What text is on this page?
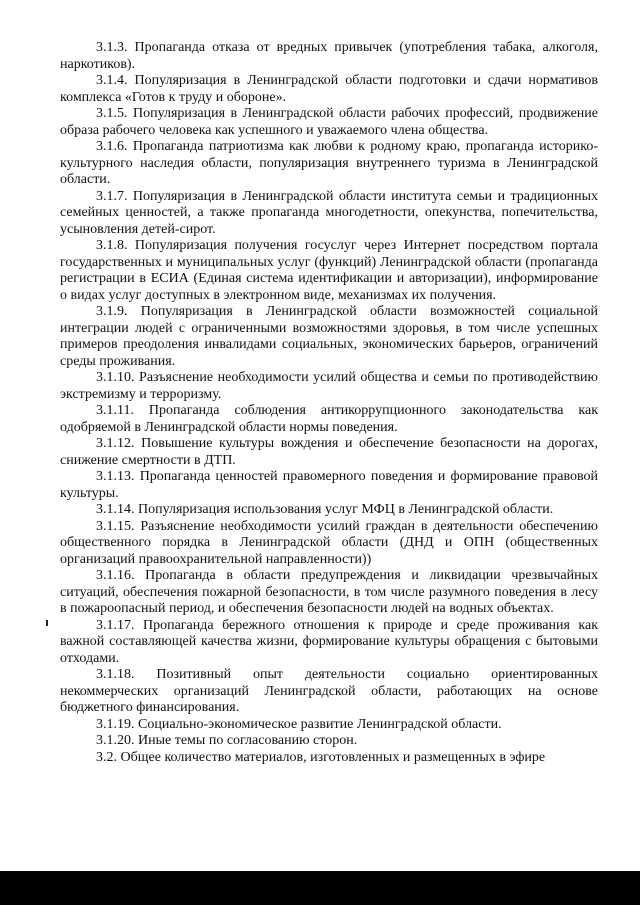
3.1.3. Пропаганда отказа от вредных привычек (употребления табака, алкоголя, наркотиков).

3.1.4. Популяризация в Ленинградской области подготовки и сдачи нормативов комплекса «Готов к труду и обороне».

3.1.5. Популяризация в Ленинградской области рабочих профессий, продвижение образа рабочего человека как успешного и уважаемого члена общества.

3.1.6. Пропаганда патриотизма как любви к родному краю, пропаганда историко-культурного наследия области, популяризация внутреннего туризма в Ленинградской области.

3.1.7. Популяризация в Ленинградской области института семьи и традиционных семейных ценностей, а также пропаганда многодетности, опекунства, попечительства, усыновления детей-сирот.

3.1.8. Популяризация получения госуслуг через Интернет посредством портала государственных и муниципальных услуг (функций) Ленинградской области (пропаганда регистрации в ЕСИА (Единая система идентификации и авторизации), информирование о видах услуг доступных в электронном виде, механизмах их получения.

3.1.9. Популяризация в Ленинградской области возможностей социальной интеграции людей с ограниченными возможностями здоровья, в том числе успешных примеров преодоления инвалидами социальных, экономических барьеров, ограничений среды проживания.

3.1.10. Разъяснение необходимости усилий общества и семьи по противодействию экстремизму и терроризму.

3.1.11. Пропаганда соблюдения антикоррупционного законодательства как одобряемой в Ленинградской области нормы поведения.

3.1.12. Повышение культуры вождения и обеспечение безопасности на дорогах, снижение смертности в ДТП.

3.1.13. Пропаганда ценностей правомерного поведения и формирование правовой культуры.

3.1.14. Популяризация использования услуг МФЦ в Ленинградской области.

3.1.15. Разъяснение необходимости усилий граждан в деятельности обеспечению общественного порядка в Ленинградской области (ДНД и ОПН (общественных организаций правоохранительной направленности))

3.1.16. Пропаганда в области предупреждения и ликвидации чрезвычайных ситуаций, обеспечения пожарной безопасности, в том числе разумного поведения в лесу в пожароопасный период, и обеспечения безопасности людей на водных объектах.

3.1.17. Пропаганда бережного отношения к природе и среде проживания как важной составляющей качества жизни, формирование культуры обращения с бытовыми отходами.

3.1.18. Позитивный опыт деятельности социально ориентированных некоммерческих организаций Ленинградской области, работающих на основе бюджетного финансирования.

3.1.19. Социально-экономическое развитие Ленинградской области.

3.1.20. Иные темы по согласованию сторон.

3.2. Общее количество материалов, изготовленных и размещенных в эфире
